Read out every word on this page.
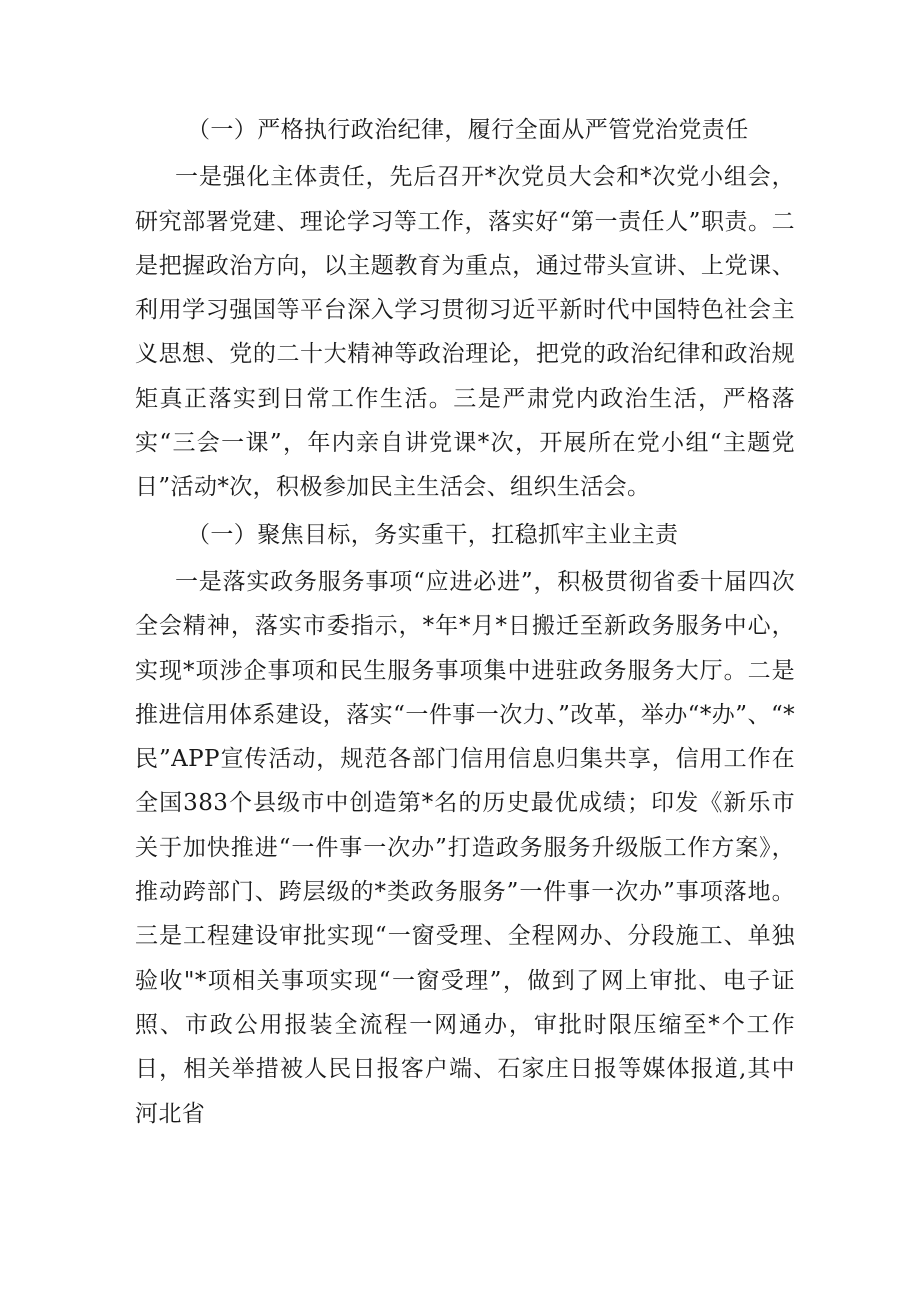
（一）严格执行政治纪律，履行全面从严管党治党责任

一是强化主体责任，先后召开*次党员大会和*次党小组会，研究部署党建、理论学习等工作，落实好“第一责任人”职责。二是把握政治方向，以主题教育为重点，通过带头宣讲、上党课、利用学习强国等平台深入学习贯彻习近平新时代中国特色社会主义思想、党的二十大精神等政治理论，把党的政治纪律和政治规矩真正落实到日常工作生活。三是严肃党内政治生活，严格落实“三会一课”，年内亲自讲党课*次，开展所在党小组“主题党日”活动*次，积极参加民主生活会、组织生活会。

（一）聚焦目标，务实重干，扛稳抓牢主业主责

一是落实政务服务事项“应进必进”，积极贯彻省委十届四次全会精神，落实市委指示，*年*月*日搬迁至新政务服务中心，实现*项涉企事项和民生服务事项集中进驻政务服务大厅。二是推进信用体系建设，落实“一件事一次力、”改革，举办“*办”、“*民”APP宣传活动，规范各部门信用信息归集共享，信用工作在全国383个县级市中创造第*名的历史最优成绩；印发《新乐市关于加快推进“一件事一次办”打造政务服务升级版工作方案》，推动跨部门、跨层级的*类政务服务”一件事一次办”事项落地。三是工程建设审批实现“一窗受理、全程网办、分段施工、单独验收"*项相关事项实现“一窗受理”，做到了网上审批、电子证照、市政公用报装全流程一网通办，审批时限压缩至*个工作日，相关举措被人民日报客户端、石家庄日报等媒体报道,其中河北省
